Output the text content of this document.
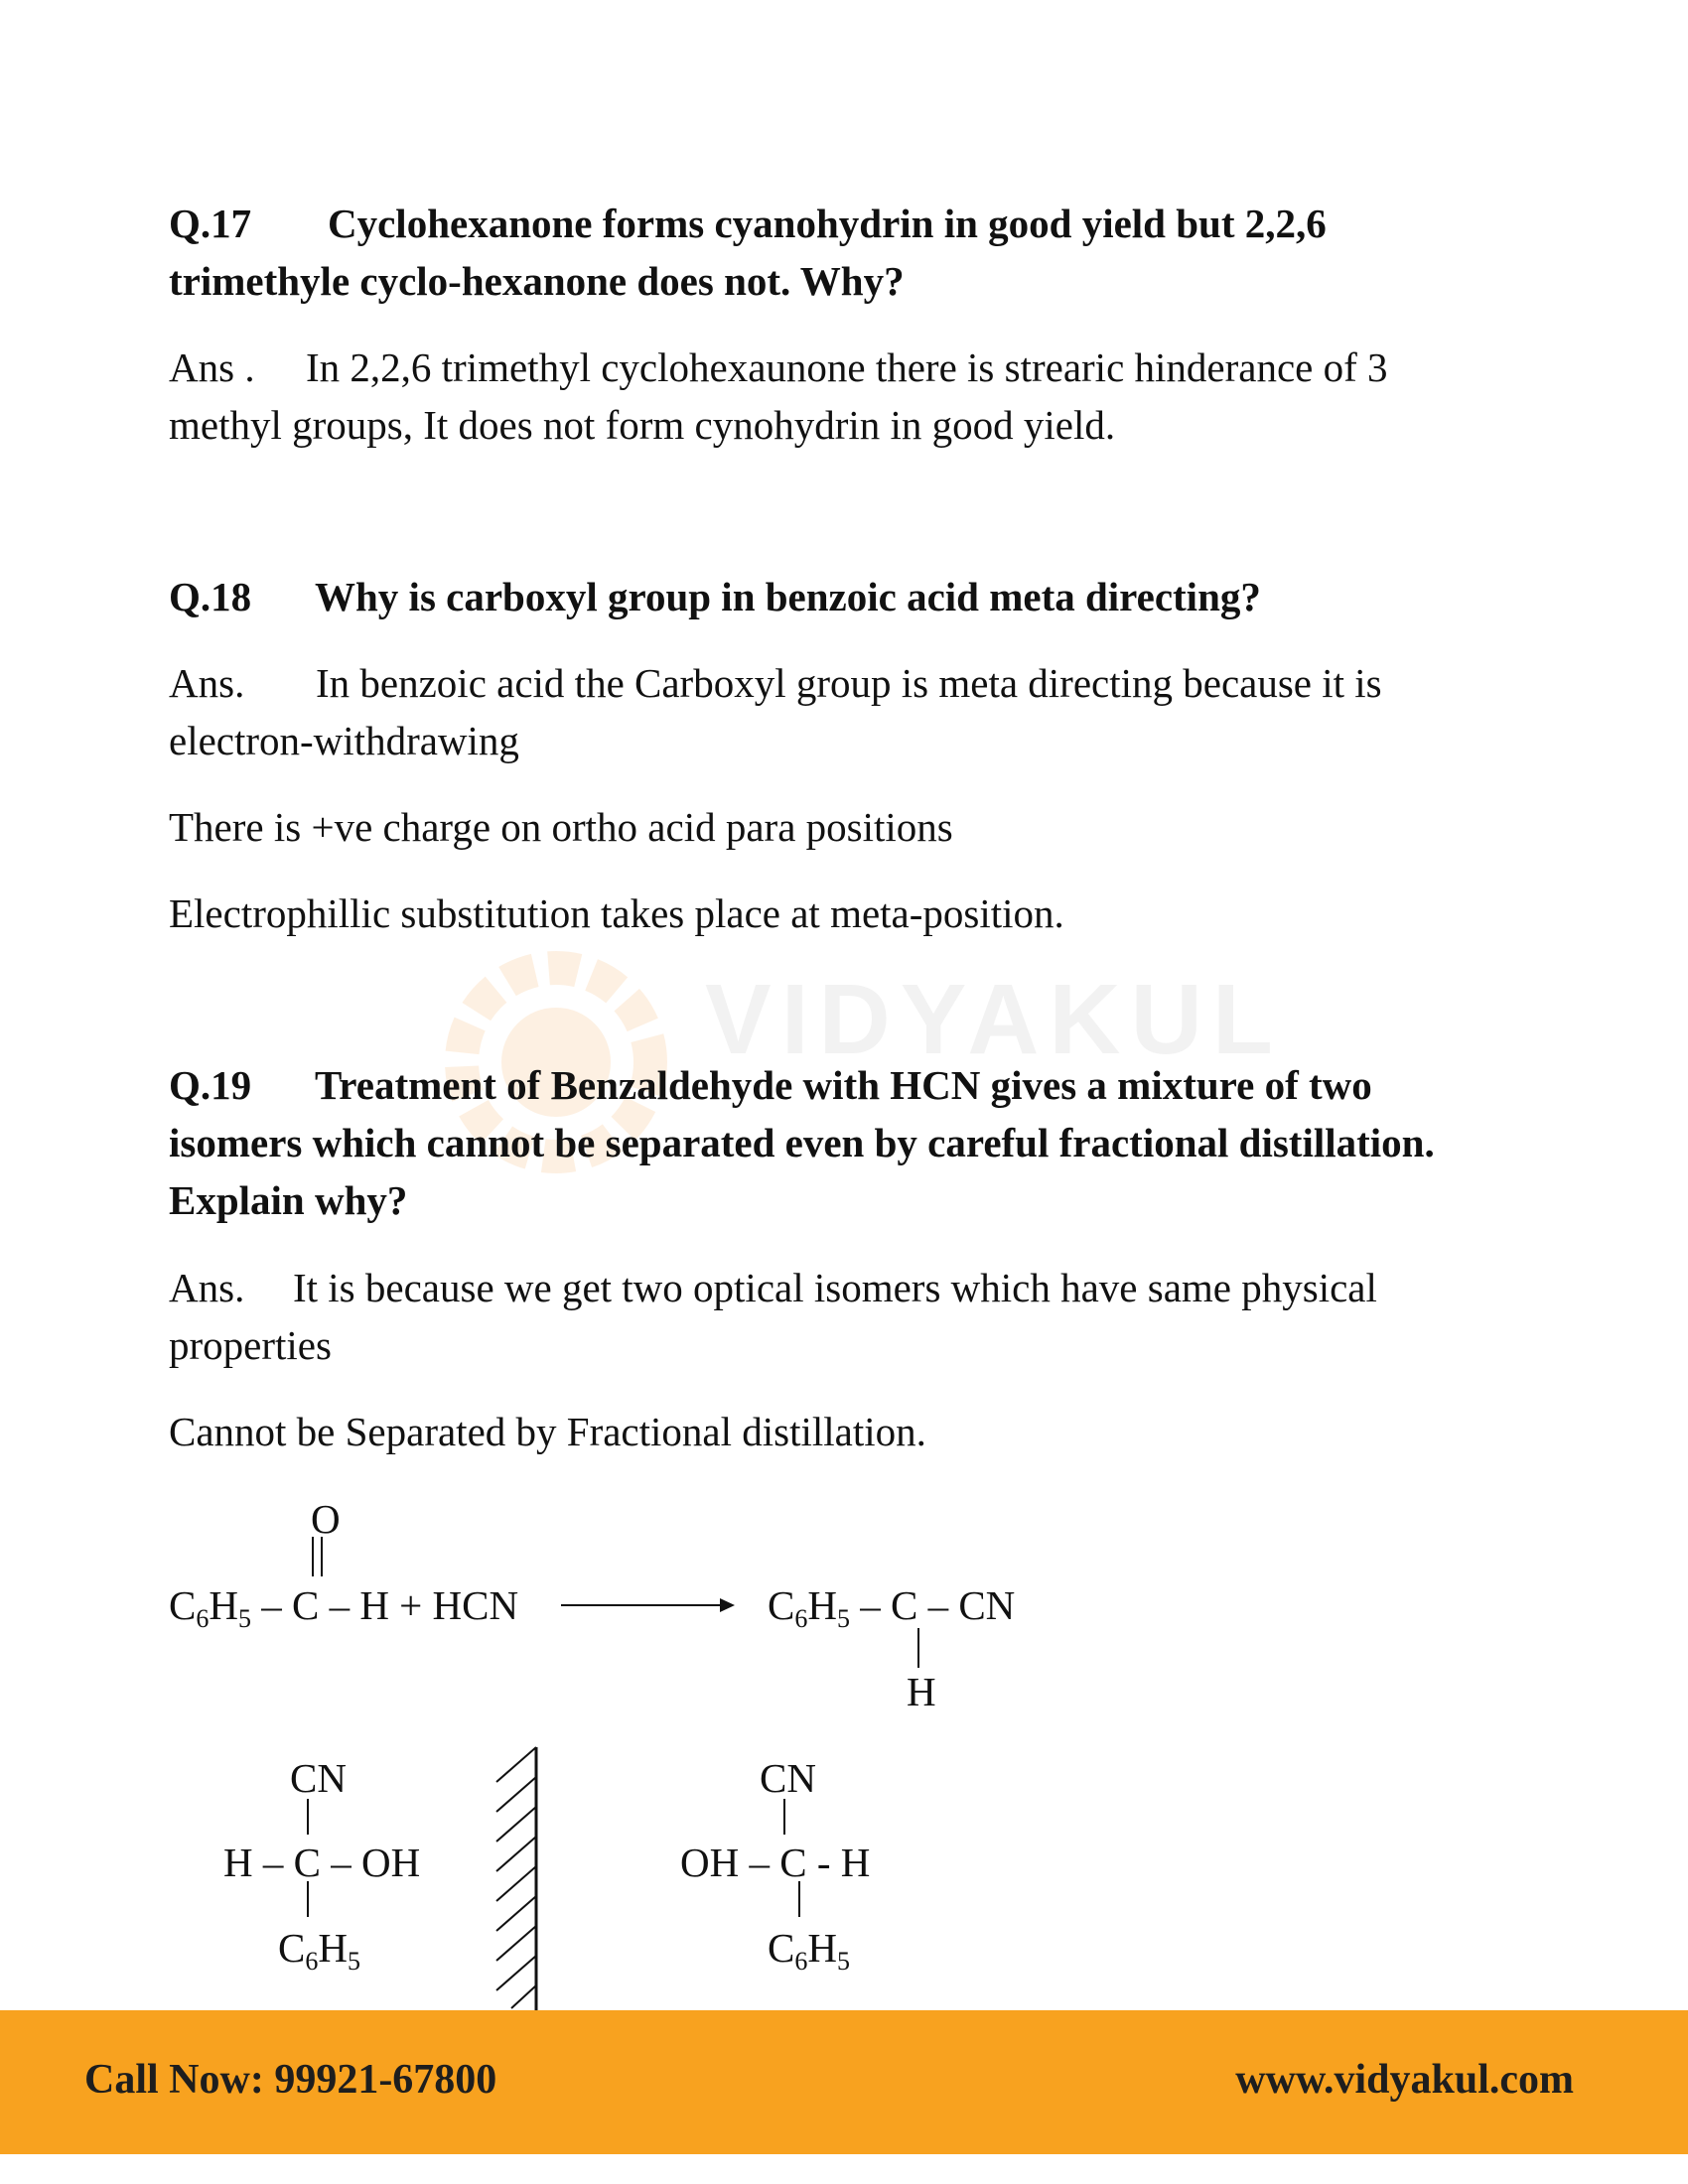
VIDYAKUL
Q.17 Cyclohexanone forms cyanohydrin in good yield but 2,2,6
trimethyle cyclo-hexanone does not. Why?
Ans . In 2,2,6 trimethyl cyclohexaunone there is strearic hinderance of 3
methyl groups, It does not form cynohydrin in good yield.
Q.18 Why is carboxyl group in benzoic acid meta directing?
Ans. In benzoic acid the Carboxyl group is meta directing because it is
electron-withdrawing
There is +ve charge on ortho acid para positions
Electrophillic substitution takes place at meta-position.
Q.19 Treatment of Benzaldehyde with HCN gives a mixture of two
isomers which cannot be separated even by careful fractional distillation.
Explain why?
Ans. It is because we get two optical isomers which have same physical
properties
Cannot be Separated by Fractional distillation.
O
$C_6H_5$ – C – H + HCN	$C_6H_5$ – C – CN
H
CN
H – C – OH
$C_6H_5$
CN
OH – C - H
$C_6H_5$
Call Now: 99921-67800	www.vidyakul.com
